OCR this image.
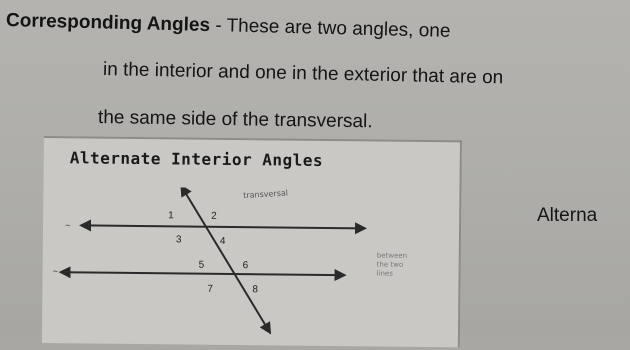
Corresponding Angles - These are two angles, one
in the interior and one in the exterior that are on
the same side of the transversal.
Alternate Interior Angles
~
~
transversal
1	2
3	4
5	6
7	8
between
the two
lines
Alterna
